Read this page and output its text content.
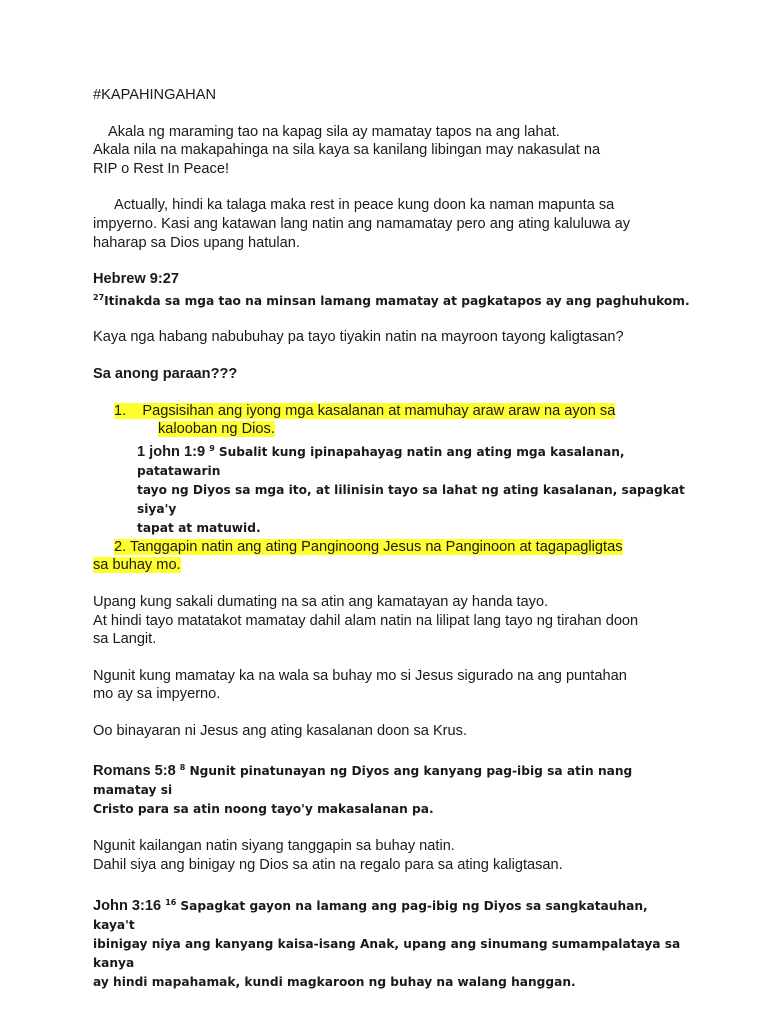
#KAPAHINGAHAN

Akala ng maraming tao na kapag sila ay mamatay tapos na ang lahat.

Akala nila na makapahinga na sila kaya sa kanilang libingan may nakasulat na

RIP o Rest In Peace!

Actually, hindi ka talaga maka rest in peace kung doon ka naman mapunta sa

impyerno. Kasi ang katawan lang natin ang namamatay pero ang ating kaluluwa ay

haharap sa Dios upang hatulan.

Hebrew 9:27

$^{27}$Itinakda sa mga tao na minsan lamang mamatay at pagkatapos ay ang paghuhukom.

Kaya nga habang nabubuhay pa tayo tiyakin natin na mayroon tayong kaligtasan?

Sa anong paraan???

1. Pagsisihan ang iyong mga kasalanan at mamuhay araw araw na ayon sa

kalooban ng Dios.

1 john 1:9 $^9$ Subalit kung ipinapahayag natin ang ating mga kasalanan, patatawarin

tayo ng Diyos sa mga ito, at lilinisin tayo sa lahat ng ating kasalanan, sapagkat siya'y

tapat at matuwid.

2. Tanggapin natin ang ating Panginoong Jesus na Panginoon at tagapagligtas

sa buhay mo.

Upang kung sakali dumating na sa atin ang kamatayan ay handa tayo.

At hindi tayo matatakot mamatay dahil alam natin na lilipat lang tayo ng tirahan doon

sa Langit.

Ngunit kung mamatay ka na wala sa buhay mo si Jesus sigurado na ang puntahan

mo ay sa impyerno.

Oo binayaran ni Jesus ang ating kasalanan doon sa Krus.

Romans 5:8 $^8$ Ngunit pinatunayan ng Diyos ang kanyang pag-ibig sa atin nang mamatay si

Cristo para sa atin noong tayo'y makasalanan pa.

Ngunit kailangan natin siyang tanggapin sa buhay natin.

Dahil siya ang binigay ng Dios sa atin na regalo para sa ating kaligtasan.

John 3:16 $^{16}$ Sapagkat gayon na lamang ang pag-ibig ng Diyos sa sangkatauhan, kaya't

ibinigay niya ang kanyang kaisa-isang Anak, upang ang sinumang sumampalataya sa kanya

ay hindi mapahamak, kundi magkaroon ng buhay na walang hanggan.
